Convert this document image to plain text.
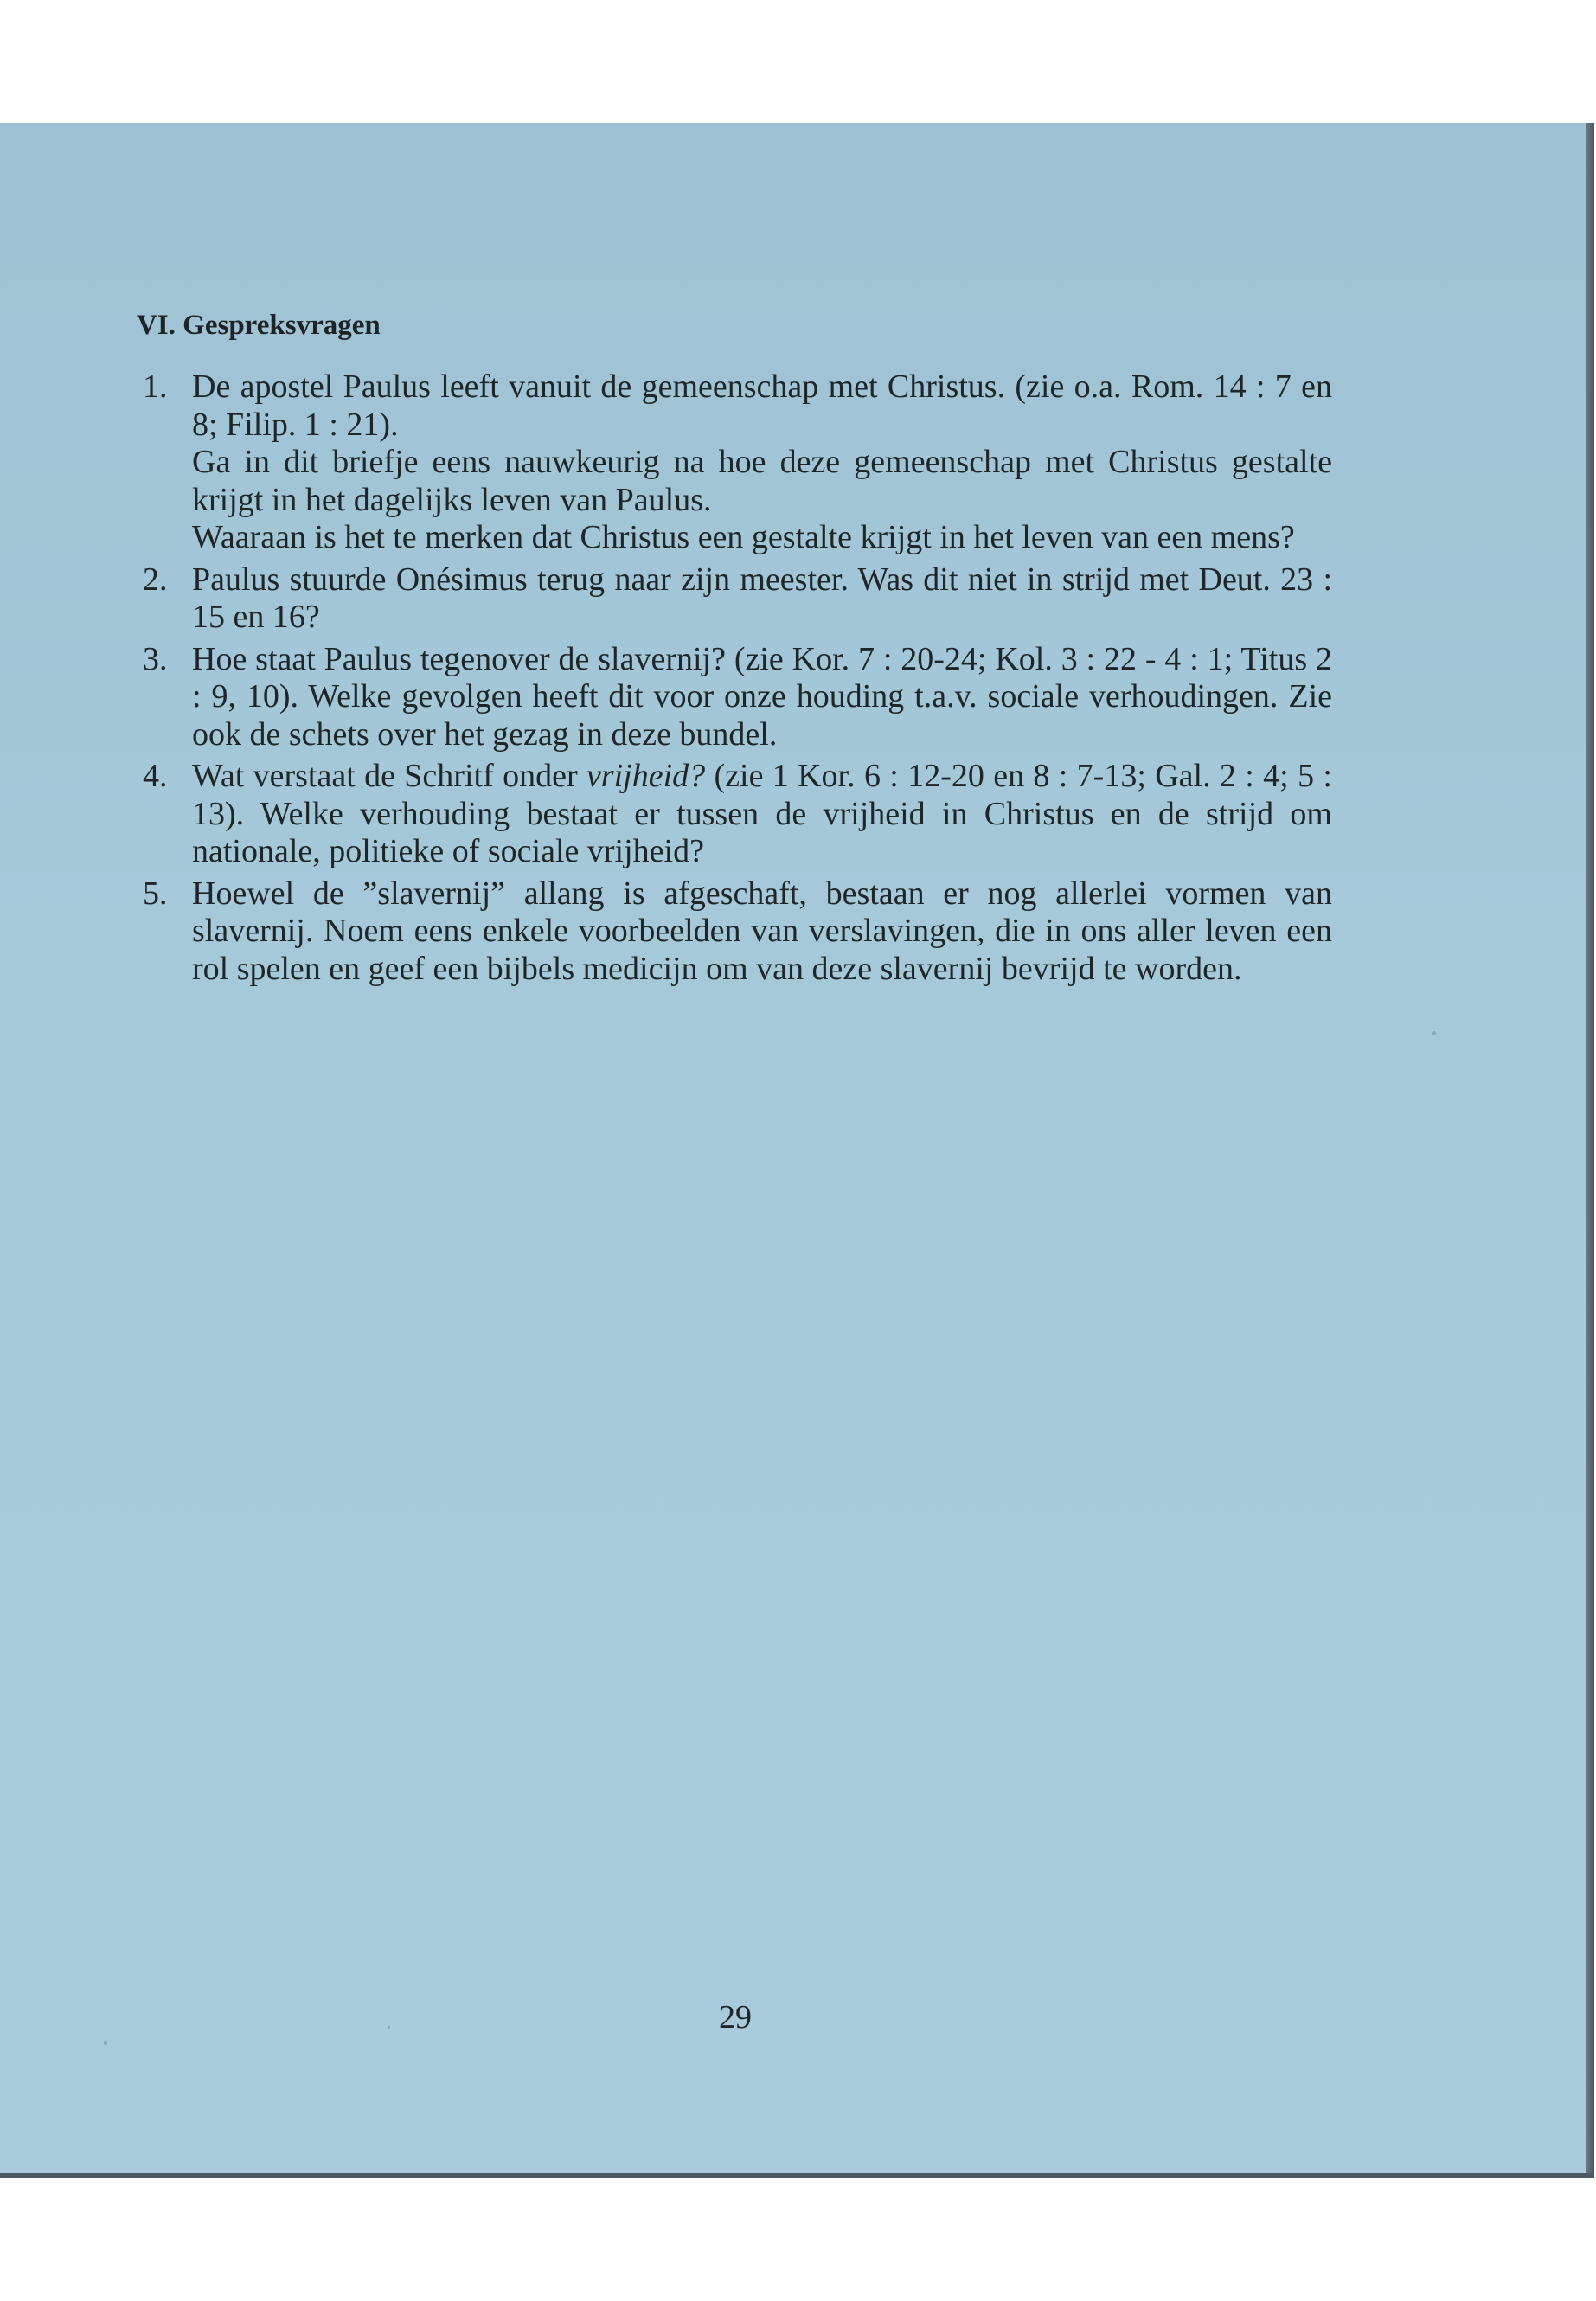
VI. Gespreksvragen
1. De apostel Paulus leeft vanuit de gemeenschap met Christus. (zie o.a. Rom. 14 : 7 en 8; Filip. 1 : 21).
Ga in dit briefje eens nauwkeurig na hoe deze gemeenschap met Christus gestalte krijgt in het dagelijks leven van Paulus.
Waaraan is het te merken dat Christus een gestalte krijgt in het leven van een mens?
2. Paulus stuurde Onésimus terug naar zijn meester. Was dit niet in strijd met Deut. 23 : 15 en 16?
3. Hoe staat Paulus tegenover de slavernij? (zie Kor. 7 : 20-24; Kol. 3 : 22 - 4 : 1; Titus 2 : 9, 10). Welke gevolgen heeft dit voor onze houding t.a.v. sociale verhoudingen. Zie ook de schets over het gezag in deze bundel.
4. Wat verstaat de Schritf onder vrijheid? (zie 1 Kor. 6 : 12-20 en 8 : 7-13; Gal. 2 : 4; 5 : 13). Welke verhouding bestaat er tussen de vrijheid in Christus en de strijd om nationale, politieke of sociale vrijheid?
5. Hoewel de ”slavernij” allang is afgeschaft, bestaan er nog allerlei vormen van slavernij. Noem eens enkele voorbeelden van verslavingen, die in ons aller leven een rol spelen en geef een bijbels medicijn om van deze slavernij bevrijd te worden.
29
